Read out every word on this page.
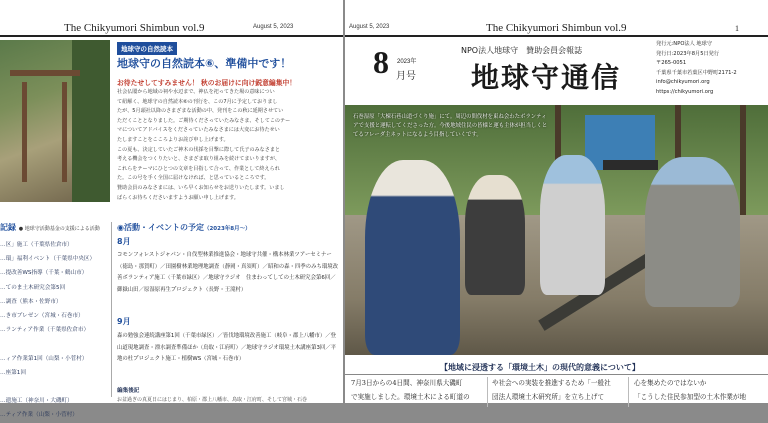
The Chikyumori Shimbun vol.9	August 5, 2023
地球守の自然読本
地球守の自然読本⑥、準備中です！
お待たせしてすみません！ 秋のお届けに向け鋭意編集中！

社会仏閣から地域の祠や水辺まで、神仏を祀ってきた場の意味につい

て紐解く、地球守の自然読本⑥の刊行を、この7月に予定しておりまし

たが、5月頭社以降のさまざまな活動の中、発刊をこの秋に延期させてい

ただくこととなりました。ご期待くださっていたみなさま、そしてこのテー

マについてアドバイスをくださっていたみなさまには大変にお待たせい

たしますことをこころよりお詫び申し上げます。

この夏も、決定していたご神木の伐採を目撃に際して氏子のみなさまと

考える機会をつくりたいと、さまざま取り組みを続けてまいりますが、

これらをテーマにひとつの文章を目指して合って、作業として終えられ

た。この号を手く全国に届けなければ、と思っているところです。

贊助会員のみなさまには、いち早くお知らせをお送りいたします。いまし

ばらくお待ちくださいますようお願い申し上げます。

記録 ● 地球守活動基金の支援による活動
…区」施工（千葉県佐倉市）
…環」福利イベント（千葉県中央区）
…提改善WS指導（千葉・鶴山市）
…てのま土木研究会第5回
…調査（熊本・佐野市）
…き市ブレゼン（宮城・石巻市）
…ランティア作業（千葉県佐倉市）

…ィア作業第1回（山梨・小菅村）
…座第1回

…遺施工（神奈川・大磯町）
…ティア作業（山梨・小菅村）
◉活動・イベントの予定（2023年8月〜）
8月
コモンフォレストジャパン・自伐型林業推進協会・地球守共催・構本林業ツアーセミナー（徳島・那賀町）／田園樹林業地理地調査（静岡・真須町）／昭和の森・四季のみち環境改善ボランティア施工（千葉市緑区）／地球守ラジオ　住まわってしての土木研究会第6回／御嶽山田／原湿原再生プロジェクト（長野・王滝村）
9月
森の勉強会連続講座第1回（千葉市緑区）／皆伐地環境改善施工（岐阜・郡上八幡市）／登山道現地調査・漂水調査準備ほか（鳥取・江府町）／地球守ラジオ環境土木講座第3回／平地の杜プロジェクト施工・植樹WS（宮城・石巻市）
編集後記
お盆過ぎの真夏日にはじまり、柏原・郡上八幡市、鳥取・江府町、そして宮城・石巻
August 5, 2023	The Chikyumori Shimbun vol.9	1
8 2023年
月号
NPO法人地球守　贊助会員会報誌
地球守通信
発行元:NPO法人 地球守
発行日:2023年8月5日発行
〒265-0051
千葉県千葉市若葉区中野町2171-2
info@chikyumori.org
https://chikyumori.org
石巻湿原「大棟石巷山道づくり施」にて。周辺の間伐材を東ね会わたボランティアで支援と運転してくださった方。今後地域住民の皆様と運も主体が担当しくとてるフレーダ主ネットになるよう目指していくです。
【地域に浸透する「環境土木」の現代的意義について】
7月3日からの4日間、神奈川県大磯町
で実施しました。環境土木による町道の
や社会への実装を推進するため「一般社
団法人環境土木研究所」を立ち上げて
心を集めたのではないか
「こうした住民参加型の土木作業が地
